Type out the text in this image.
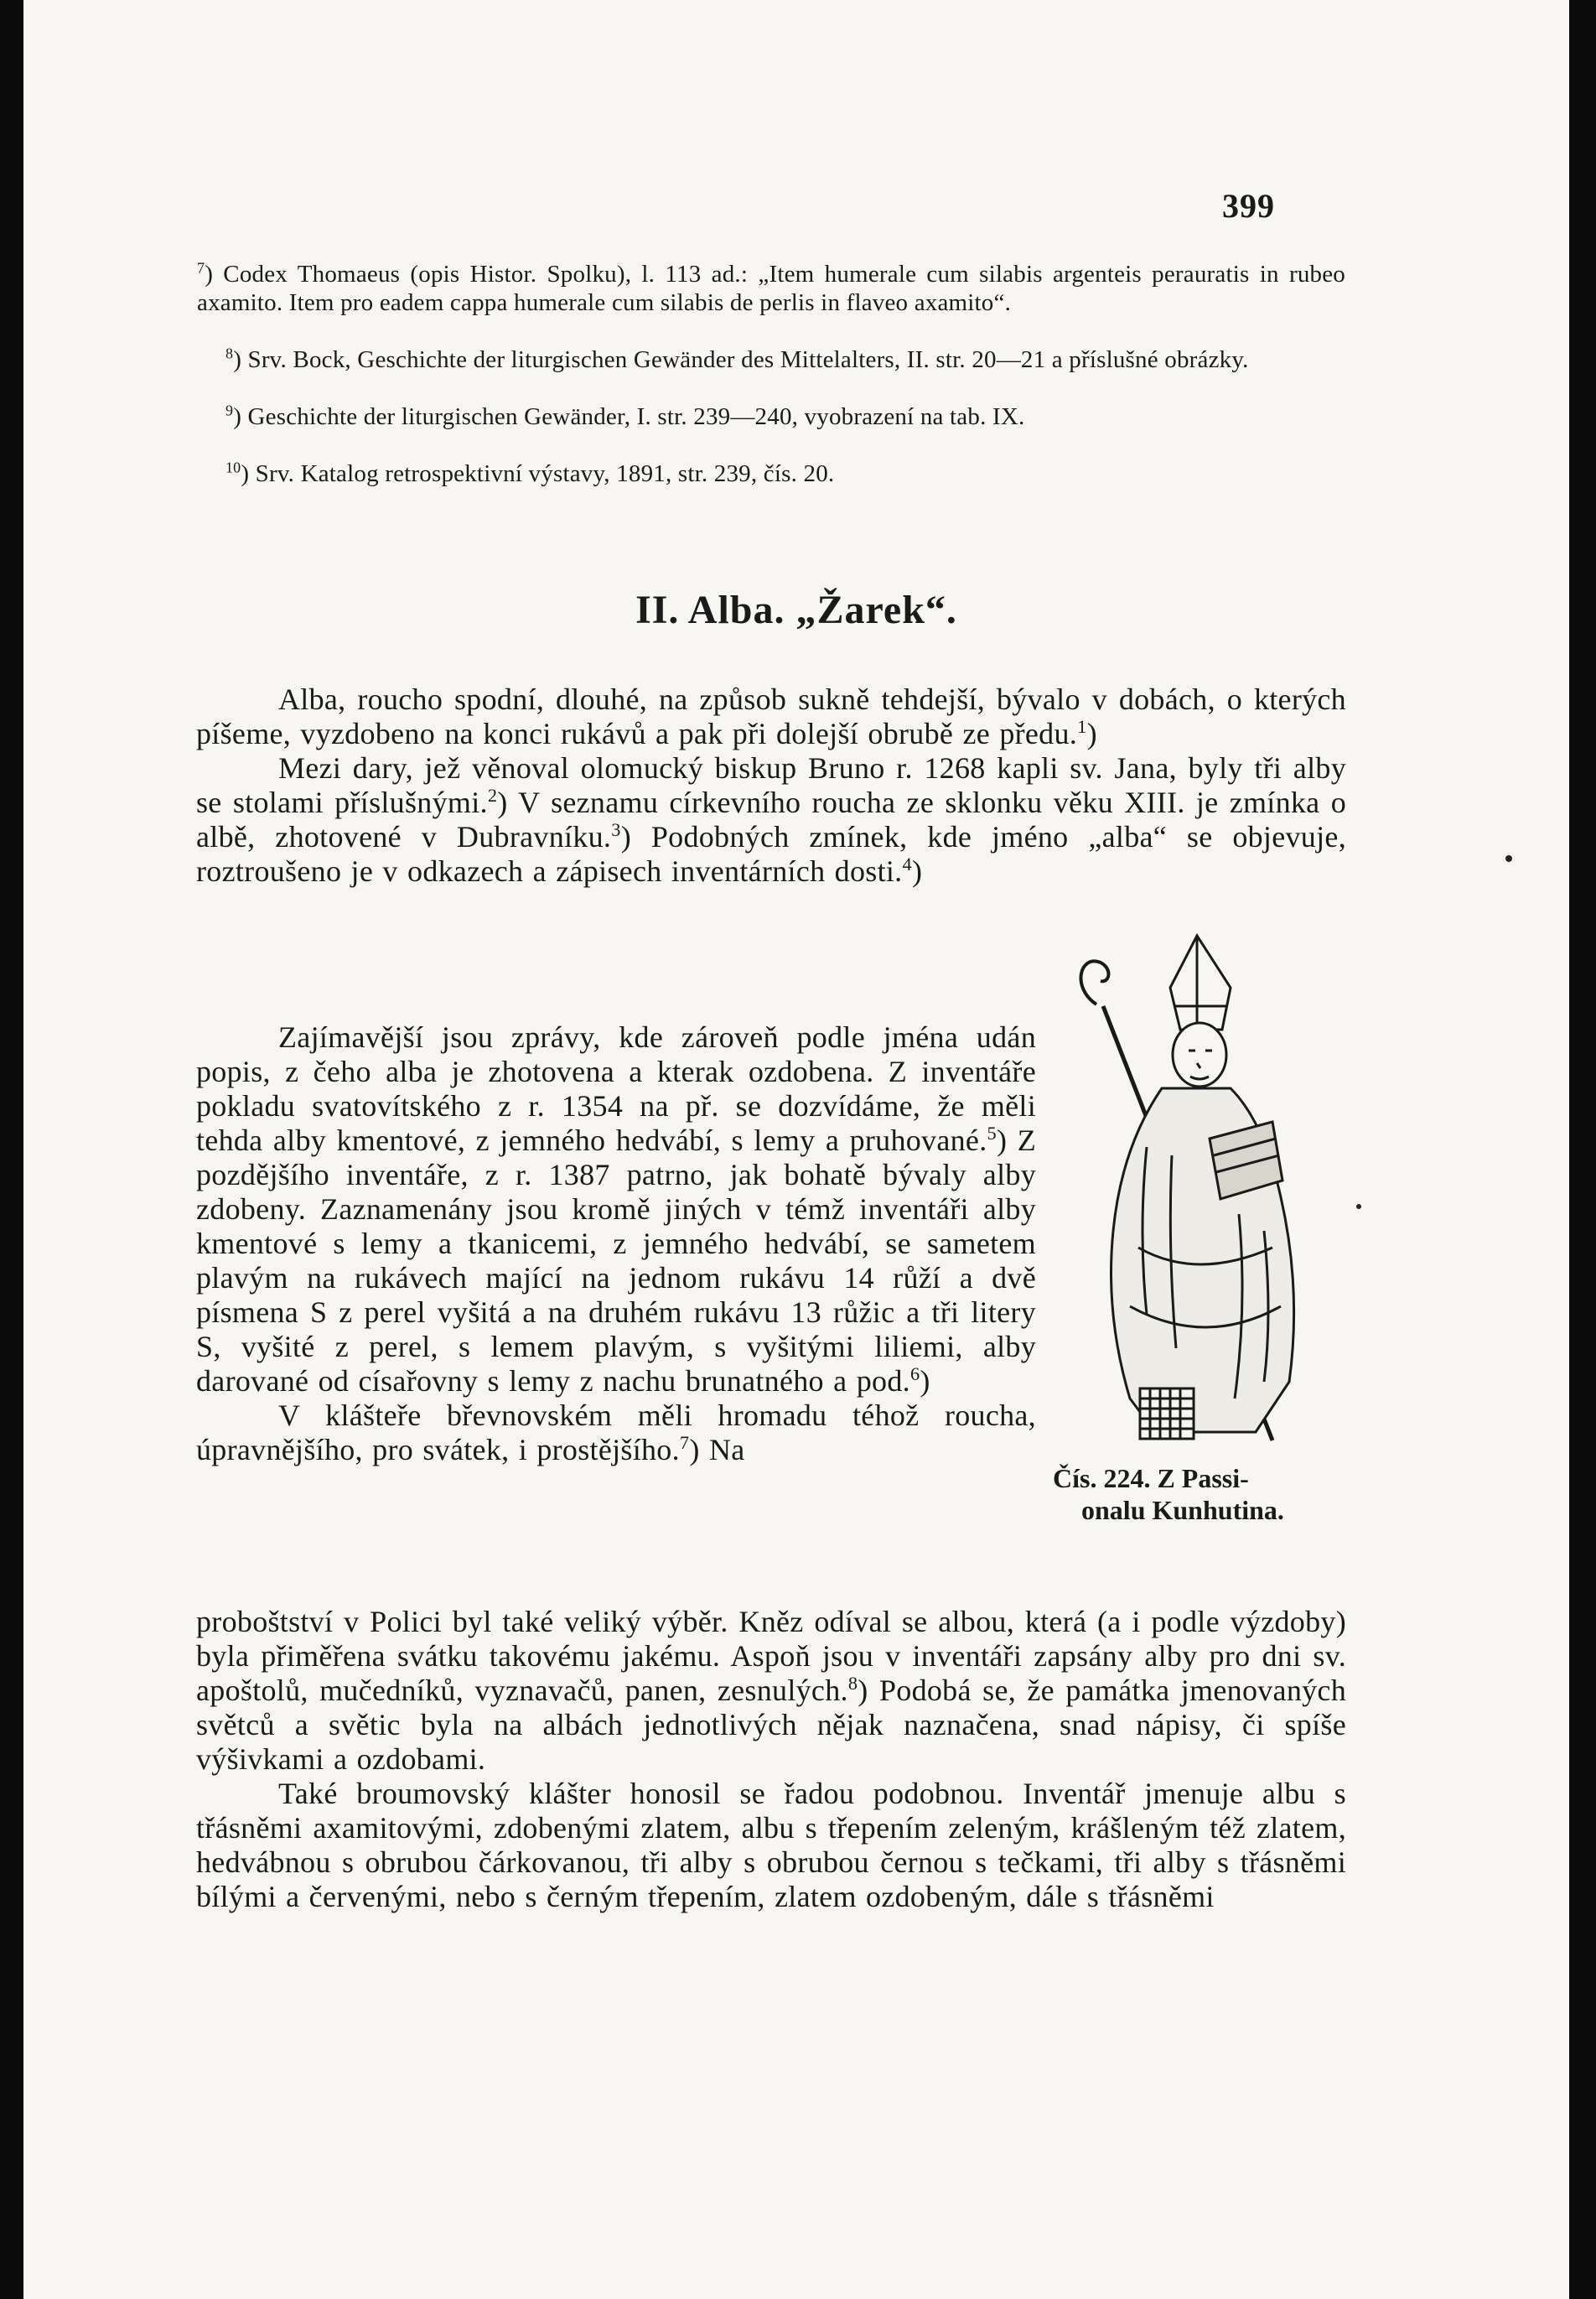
399
$^7$) Codex Thomaeus (opis Histor. Spolku), l. 113 ad.: „Item humerale cum silabis argenteis perauratis in rubeo axamito. Item pro eadem cappa humerale cum silabis de perlis in flaveo axamito“.
$^8$) Srv. Bock, Geschichte der liturgischen Gewänder des Mittelalters, II. str. 20—21 a příslušné obrázky.
$^9$) Geschichte der liturgischen Gewänder, I. str. 239—240, vyobrazení na tab. IX.
$^{10}$) Srv. Katalog retrospektivní výstavy, 1891, str. 239, čís. 20.
II. Alba. „Žarek“.

Alba, roucho spodní, dlouhé, na způsob sukně tehdejší, bývalo v dobách, o kterých píšeme, vyzdobeno na konci rukávů a pak při dolejší obrubě ze předu.$^1$)

Mezi dary, jež věnoval olomucký biskup Bruno r. 1268 kapli sv. Jana, byly tři alby se stolami příslušnými.$^2$) V seznamu církevního roucha ze sklonku věku XIII. je zmínka o albě, zhotovené v Dubravníku.$^3$) Podobných zmínek, kde jméno „alba“ se objevuje, roztroušeno je v odkazech a zápisech inventárních dosti.$^4$)

Zajímavější jsou zprávy, kde zároveň podle jména udán popis, z čeho alba je zhotovena a kterak ozdobena. Z inventáře pokladu svatovítského z r. 1354 na př. se dozvídáme, že měli tehda alby kmentové, z jemného hedvábí, s lemy a pruhované.$^5$) Z pozdějšího inventáře, z r. 1387 patrno, jak bohatě bývaly alby zdobeny. Zaznamenány jsou kromě jiných v témž inventáři alby kmentové s lemy a tkanicemi, z jemného hedvábí, se sametem plavým na rukávech mající na jednom rukávu 14 růží a dvě písmena S z perel vyšitá a na druhém rukávu 13 růžic a tři litery S, vyšité z perel, s lemem plavým, s vyšitými liliemi, alby darované od císařovny s lemy z nachu brunatného a pod.$^6$)

V klášteře břevnovském měli hromadu téhož roucha, úpravnějšího, pro svátek, i prostějšího.$^7$) Na

proboštství v Polici byl také veliký výběr. Kněz odíval se albou, která (a i podle výzdoby) byla přiměřena svátku takovému jakému. Aspoň jsou v inventáři zapsány alby pro dni sv. apoštolů, mučedníků, vyznavačů, panen, zesnulých.$^8$) Podobá se, že památka jmenovaných světců a světic byla na albách jednotlivých nějak naznačena, snad nápisy, či spíše výšivkami a ozdobami.

Také broumovský klášter honosil se řadou podobnou. Inventář jmenuje albu s třásněmi axamitovými, zdobenými zlatem, albu s třepením zeleným, krášleným též zlatem, hedvábnou s obrubou čárkovanou, tři alby s obrubou černou s tečkami, tři alby s třásněmi bílými a červenými, nebo s černým třepením, zlatem ozdobeným, dále s třásněmi

Čís. 224. Z Passi-
onalu Kunhutina.
